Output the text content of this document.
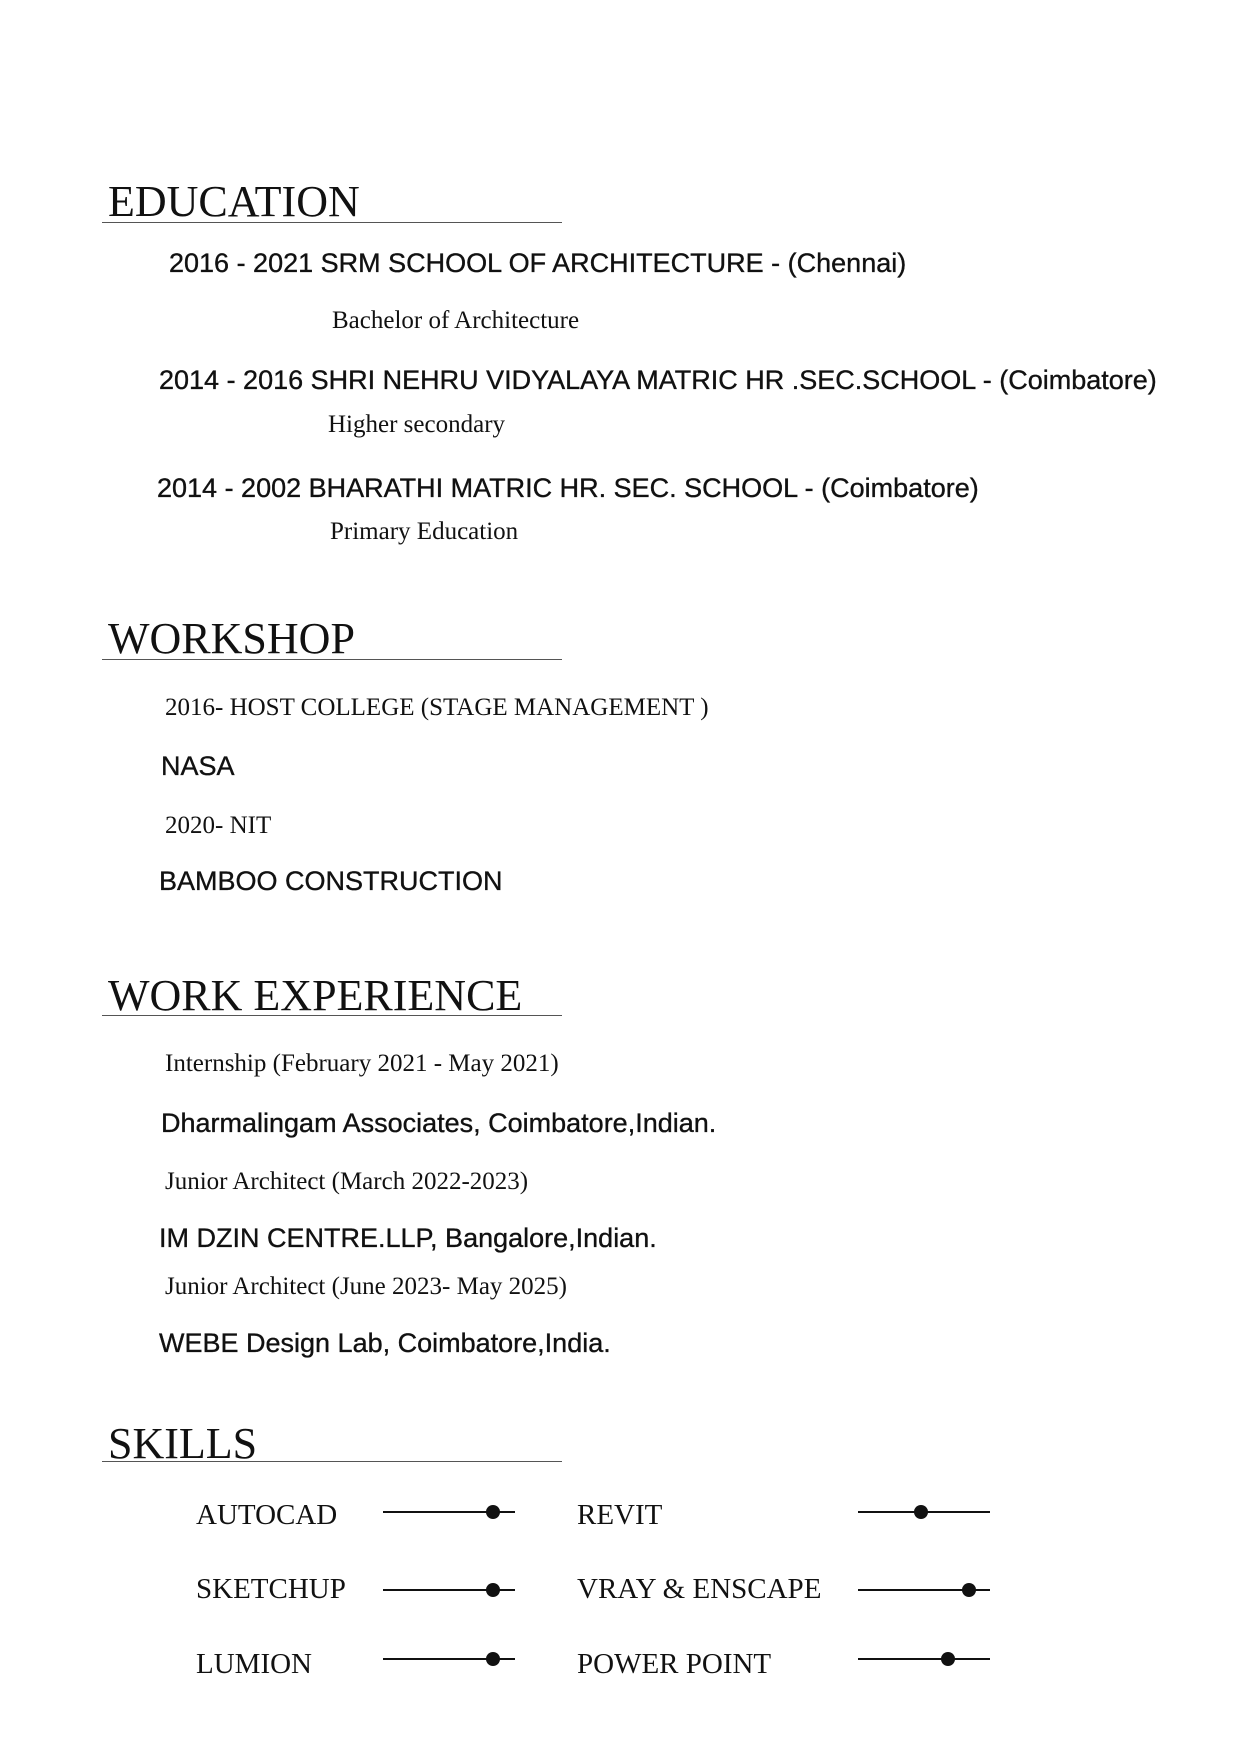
EDUCATION
2016 - 2021 SRM SCHOOL OF ARCHITECTURE - (Chennai)
Bachelor of Architecture
2014 - 2016 SHRI NEHRU VIDYALAYA MATRIC HR .SEC.SCHOOL - (Coimbatore)
Higher secondary
2014 - 2002 BHARATHI MATRIC HR. SEC. SCHOOL - (Coimbatore)
Primary Education
WORKSHOP
2016- HOST COLLEGE (STAGE MANAGEMENT )
NASA
2020- NIT
BAMBOO CONSTRUCTION
WORK EXPERIENCE
Internship (February 2021 - May 2021)
Dharmalingam Associates, Coimbatore,Indian.
Junior Architect (March 2022-2023)
IM DZIN CENTRE.LLP, Bangalore,Indian.
Junior Architect (June 2023- May 2025)
WEBE Design Lab, Coimbatore,India.
SKILLS
AUTOCAD	REVIT
SKETCHUP	VRAY & ENSCAPE
LUMION	POWER POINT
